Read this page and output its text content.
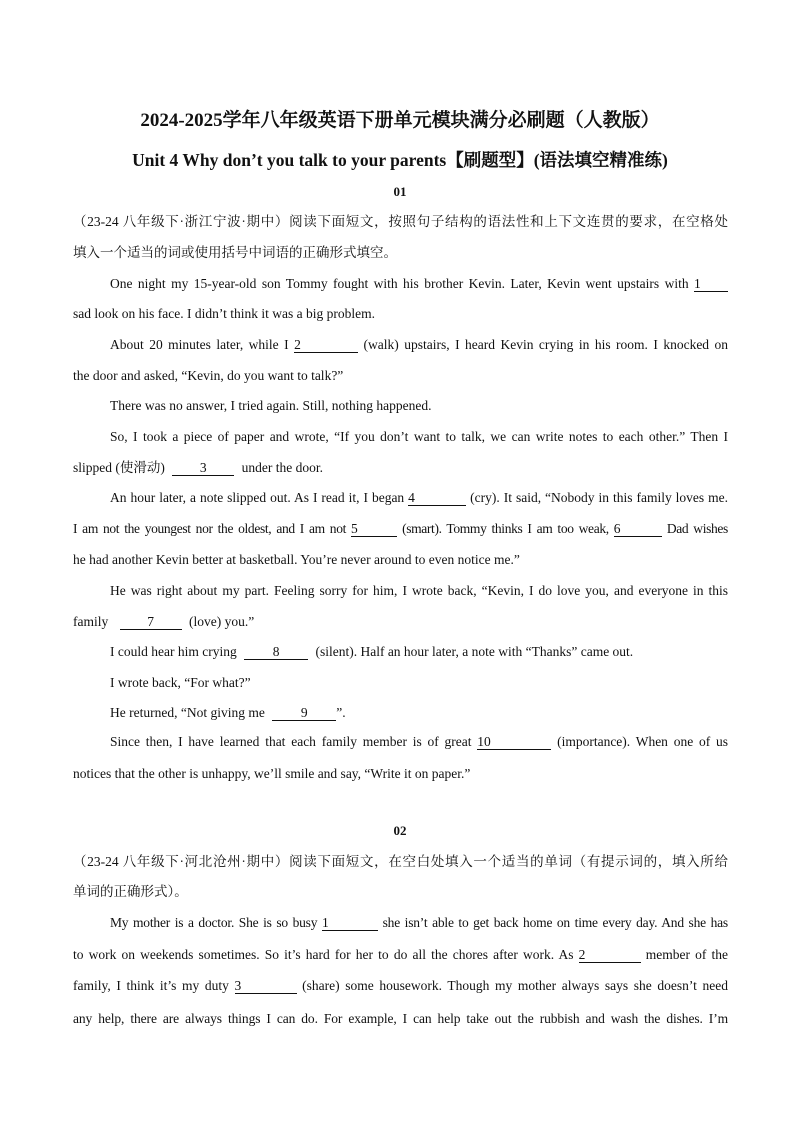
2024-2025学年八年级英语下册单元模块满分必刷题（人教版）
Unit 4 Why don’t you talk to your parents【刷题型】(语法填空精准练)
01
（23-24 八年级下·浙江宁波·期中）阅读下面短文，按照句子结构的语法性和上下文连贯的要求，在空格处
填入一个适当的词或使用括号中词语的正确形式填空。
One night my 15-year-old son Tommy fought with his brother Kevin. Later, Kevin went upstairs with 1
sad look on his face. I didn’t think it was a big problem.
About 20 minutes later, while I 2	(walk) upstairs, I heard Kevin crying in his room. I knocked on
the door and asked, “Kevin, do you want to talk?”
There was no answer, I tried again. Still, nothing happened.
So, I took a piece of paper and wrote, “If you don’t want to talk, we can write notes to each other.” Then I
slipped (使滑动)	3	under the door.
An hour later, a note slipped out. As I read it, I began 4	(cry). It said, “Nobody in this family loves me.
I am not the youngest nor the oldest, and I am not 5	(smart). Tommy thinks I am too weak, 6	Dad wishes
he had another Kevin better at basketball. You’re never around to even notice me.”
He was right about my part. Feeling sorry for him, I wrote back, “Kevin, I do love you, and everyone in this
family	7	(love) you.”
I could hear him crying	8	(silent). Half an hour later, a note with “Thanks” came out.
I wrote back, “For what?”
He returned, “Not giving me	9 ”.
Since then, I have learned that each family member is of great 10	(importance). When one of us
notices that the other is unhappy, we’ll smile and say, “Write it on paper.”
02
（23-24 八年级下·河北沧州·期中）阅读下面短文，在空白处填入一个适当的单词（有提示词的，填入所给
单词的正确形式）。
My mother is a doctor. She is so busy 1	she isn’t able to get back home on time every day. And she has
to work on weekends sometimes. So it’s hard for her to do all the chores after work. As 2	member of the
family, I think it’s my duty 3	(share) some housework. Though my mother always says she doesn’t need
any help, there are always things I can do. For example, I can help take out the rubbish and wash the dishes. I’m
